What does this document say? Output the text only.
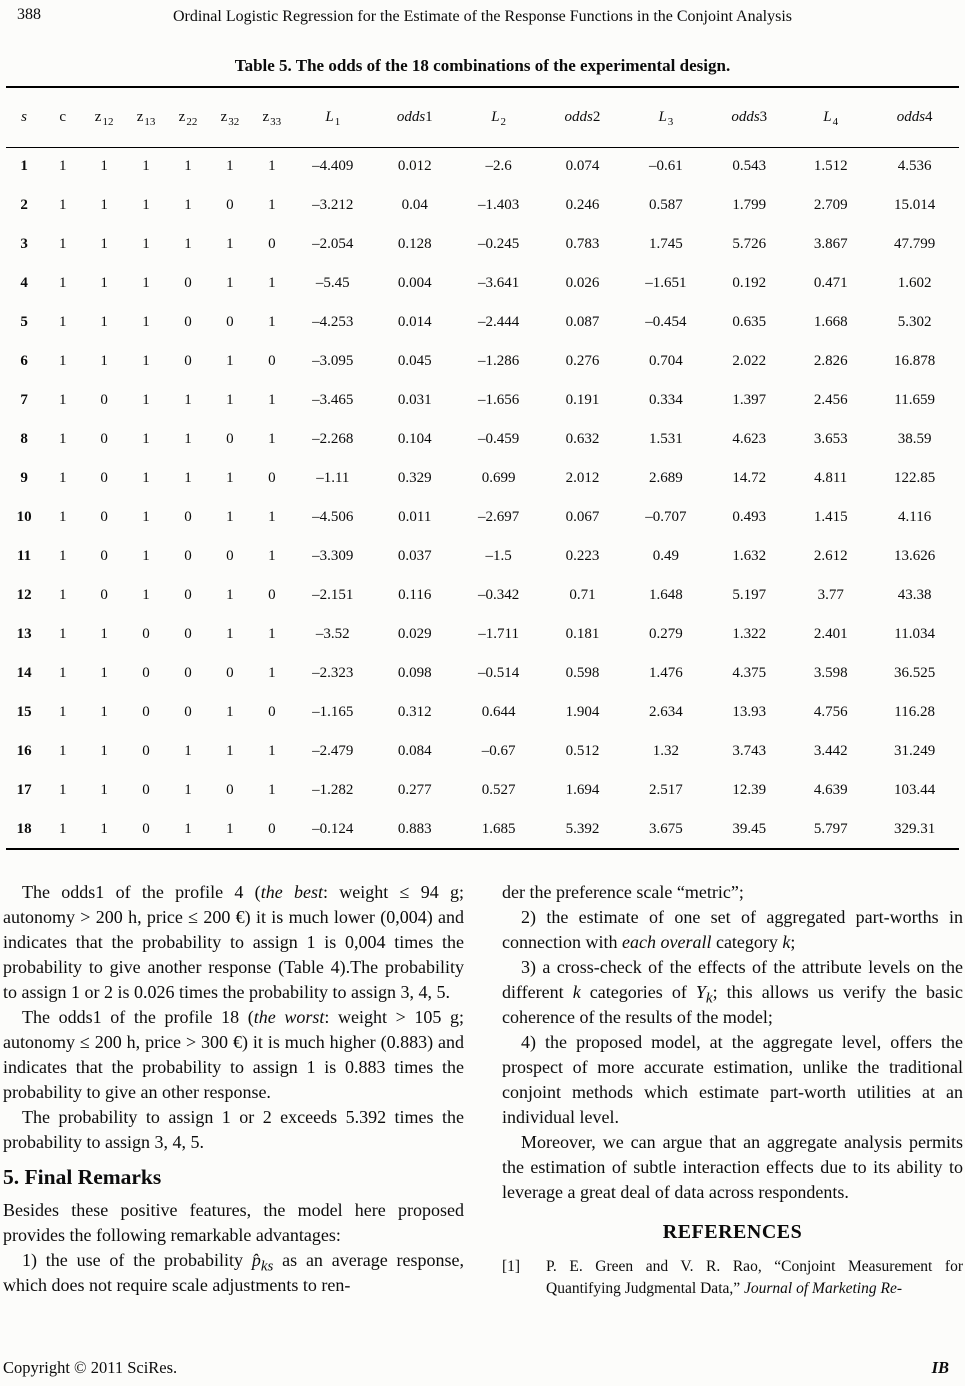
388	Ordinal Logistic Regression for the Estimate of the Response Functions in the Conjoint Analysis
Table 5. The odds of the 18 combinations of the experimental design.
s	c	$z_{12}$	$z_{13}$	$z_{22}$	$z_{32}$	$z_{33}$	$L_1$	odds1	$L_2$	odds2	$L_3$	odds3	$L_4$	odds4
1	1	1	1	1	1	1	–4.409	0.012	–2.6	0.074	–0.61	0.543	1.512	4.536
2	1	1	1	1	0	1	–3.212	0.04	–1.403	0.246	0.587	1.799	2.709	15.014
3	1	1	1	1	1	0	–2.054	0.128	–0.245	0.783	1.745	5.726	3.867	47.799
4	1	1	1	0	1	1	–5.45	0.004	–3.641	0.026	–1.651	0.192	0.471	1.602
5	1	1	1	0	0	1	–4.253	0.014	–2.444	0.087	–0.454	0.635	1.668	5.302
6	1	1	1	0	1	0	–3.095	0.045	–1.286	0.276	0.704	2.022	2.826	16.878
7	1	0	1	1	1	1	–3.465	0.031	–1.656	0.191	0.334	1.397	2.456	11.659
8	1	0	1	1	0	1	–2.268	0.104	–0.459	0.632	1.531	4.623	3.653	38.59
9	1	0	1	1	1	0	–1.11	0.329	0.699	2.012	2.689	14.72	4.811	122.85
10	1	0	1	0	1	1	–4.506	0.011	–2.697	0.067	–0.707	0.493	1.415	4.116
11	1	0	1	0	0	1	–3.309	0.037	–1.5	0.223	0.49	1.632	2.612	13.626
12	1	0	1	0	1	0	–2.151	0.116	–0.342	0.71	1.648	5.197	3.77	43.38
13	1	1	0	0	1	1	–3.52	0.029	–1.711	0.181	0.279	1.322	2.401	11.034
14	1	1	0	0	0	1	–2.323	0.098	–0.514	0.598	1.476	4.375	3.598	36.525
15	1	1	0	0	1	0	–1.165	0.312	0.644	1.904	2.634	13.93	4.756	116.28
16	1	1	0	1	1	1	–2.479	0.084	–0.67	0.512	1.32	3.743	3.442	31.249
17	1	1	0	1	0	1	–1.282	0.277	0.527	1.694	2.517	12.39	4.639	103.44
18	1	1	0	1	1	0	–0.124	0.883	1.685	5.392	3.675	39.45	5.797	329.31

The odds1 of the profile 4 (the best: weight ≤ 94 g; autonomy > 200 h, price ≤ 200 €) it is much lower (0,004) and indicates that the probability to assign 1 is 0,004 times the probability to give another response (Table 4).The probability to assign 1 or 2 is 0.026 times the probability to assign 3, 4, 5.

The odds1 of the profile 18 (the worst: weight > 105 g; autonomy ≤ 200 h, price > 300 €) it is much higher (0.883) and indicates that the probability to assign 1 is 0.883 times the probability to give an other response.

The probability to assign 1 or 2 exceeds 5.392 times the probability to assign 3, 4, 5.

5. Final Remarks

Besides these positive features, the model here proposed provides the following remarkable advantages:

1) the use of the probability $p̂_{ks}$ as an average response, which does not require scale adjustments to ren-

der the preference scale “metric”;

2) the estimate of one set of aggregated part-worths in connection with each overall category k;

3) a cross-check of the effects of the attribute levels on the different k categories of $Y_k$; this allows us verify the basic coherence of the results of the model;

4) the proposed model, at the aggregate level, offers the prospect of more accurate estimation, unlike the traditional conjoint methods which estimate part-worth utilities at an individual level.

Moreover, we can argue that an aggregate analysis permits the estimation of subtle interaction effects due to its ability to leverage a great deal of data across respondents.

REFERENCES
[1]	P. E. Green and V. R. Rao, “Conjoint Measurement for Quantifying Judgmental Data,” Journal of Marketing Re-
Copyright © 2011 SciRes.	IB
